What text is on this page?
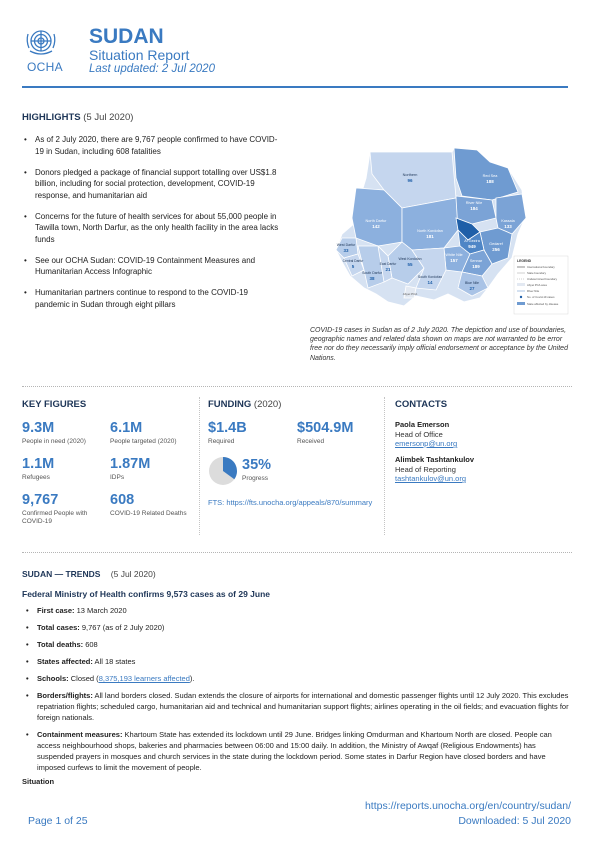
OCHA
SUDAN
Situation Report
Last updated: 2 Jul 2020
HIGHLIGHTS (5 Jul 2020)
• As of 2 July 2020, there are 9,767 people confirmed to have COVID-19 in Sudan, including 608 fatalities
• Donors pledged a package of financial support totalling over US$1.8 billion, including for social protection, development, COVID-19 response, and humanitarian aid
• Concerns for the future of health services for about 55,000 people in Tawilla town, North Darfur, as the only health facility in the area lacks funds
• See our OCHA Sudan: COVID-19 Containment Measures and Humanitarian Access Infographic
• Humanitarian partners continue to respond to the COVID-19 pandemic in Sudan through eight pillars
Northern
96
Red Sea
188
River Nile
184
North Darfur
142
North Kordofan
181
Kassala
133
Gedaref
256
Al Gezira
949
Sennar
189
White Nile
157
West Darfur
33
Central Darfur
5
South Darfur
38
East Darfur
21
West Kordofan
55
South Kordofan
14	Blue Nile
27
Abyei PCA
LEGEND
International boundary
State boundary
Undetermined boundary
Abyei PCA area
River Nile
No. of Covid-19 cases
State affected by disease
COVID-19 cases in Sudan as of 2 July 2020. The depiction and use of boundaries, geographic names and related data shown on maps are not warranted to be error free nor do they necessarily imply official endorsement or acceptance by the United Nations.
KEY FIGURES
9.3M
People in need (2020)
6.1M
People targeted (2020)
1.1M
Refugees
1.87M
IDPs
9,767
Confirmed People with COVID-19
608
COVID-19 Related Deaths
FUNDING (2020)
$1.4B
Required
$504.9M
Received
35%
Progress
FTS: https://fts.unocha.org/appeals/870/summary
CONTACTS
Paola Emerson
Head of Office
emersonp@un.org
Alimbek Tashtankulov
Head of Reporting
tashtankulov@un.org
SUDAN — TRENDS (5 Jul 2020)
Federal Ministry of Health confirms 9,573 cases as of 29 June
• First case: 13 March 2020
• Total cases: 9,767 (as of 2 July 2020)
• Total deaths: 608
• States affected: All 18 states
• Schools: Closed (8,375,193 learners affected).
• Borders/flights: All land borders closed. Sudan extends the closure of airports for international and domestic passenger flights until 12 July 2020. This excludes repatriation flights; scheduled cargo, humanitarian aid and technical and humanitarian support flights; airlines operating in the oil fields; and evacuation flights for foreign nationals.
• Containment measures: Khartoum State has extended its lockdown until 29 June. Bridges linking Omdurman and Khartoum North are closed. People can access neighbourhood shops, bakeries and pharmacies between 06:00 and 15:00 daily. In addition, the Ministry of Awqaf (Religious Endowments) has suspended prayers in mosques and church services in the state during the lockdown period. Some states in Darfur Region have closed borders and have imposed curfews to limit the movement of people.
Situation
https://reports.unocha.org/en/country/sudan/
Page 1 of 25	Downloaded: 5 Jul 2020
